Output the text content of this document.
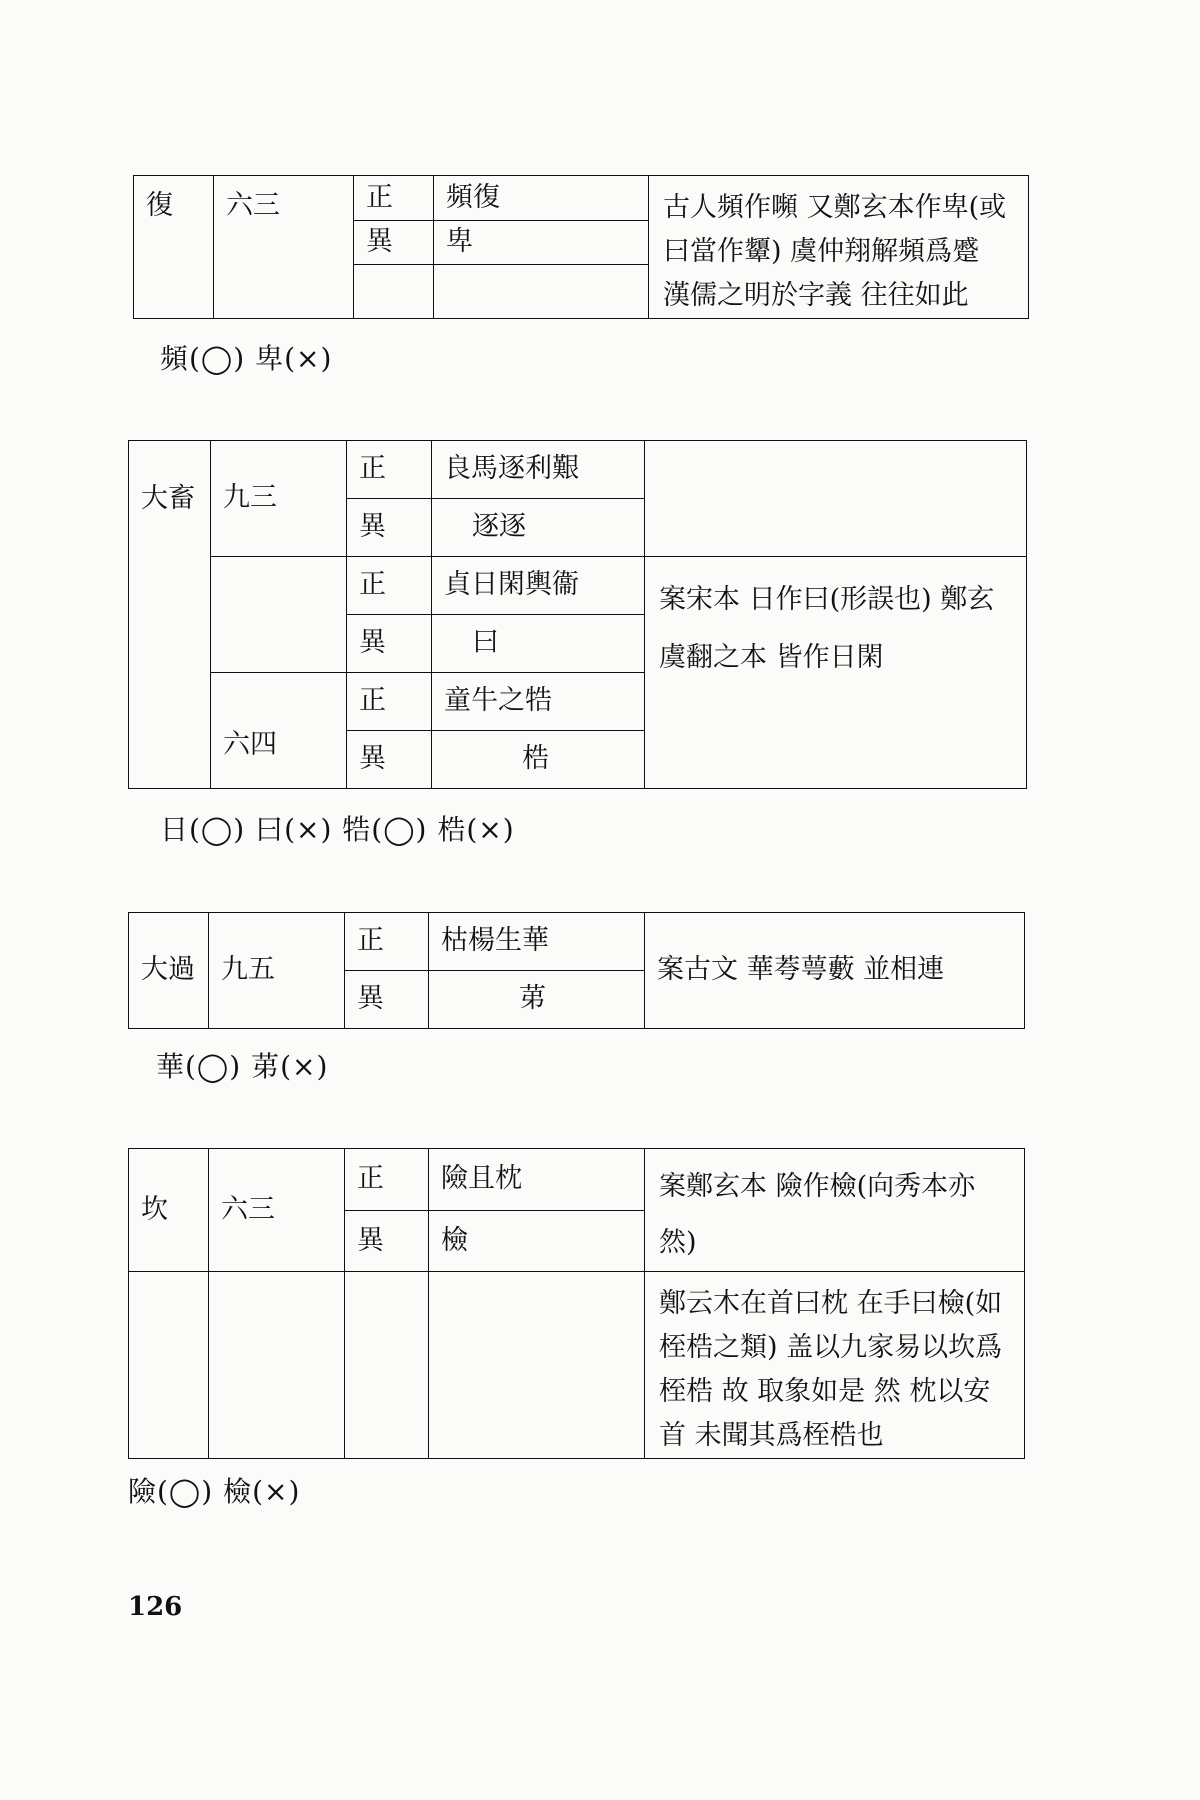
復	六三	正	頻復	古人頻作嚬 又鄭玄本作卑(或曰當作顰) 虞仲翔解頻爲蹙 漢儒之明於字義 往往如此
		異	卑	

頻(◯) 卑(×)
大畜	九三	正	良馬逐利艱	
		異	逐逐	
		正	貞日閑輿衞	案宋本 日作曰(形誤也) 鄭玄虞翻之本 皆作日閑
		異	曰	
	六四	正	童牛之牿	
		異	梏	
日(◯) 曰(×) 牿(◯) 梏(×)
大過	九五	正	枯楊生華	案古文 華荂萼藪 並相連
		異	苐	
華(◯) 苐(×)
坎	六三	正	險且枕	案鄭玄本 險作檢(向秀本亦然)
		異	檢	
				鄭云木在首曰枕 在手曰檢(如桎梏之類) 盖以九家易以坎爲桎梏 故 取象如是 然 枕以安首 未聞其爲桎梏也
險(◯) 檢(×)
126
